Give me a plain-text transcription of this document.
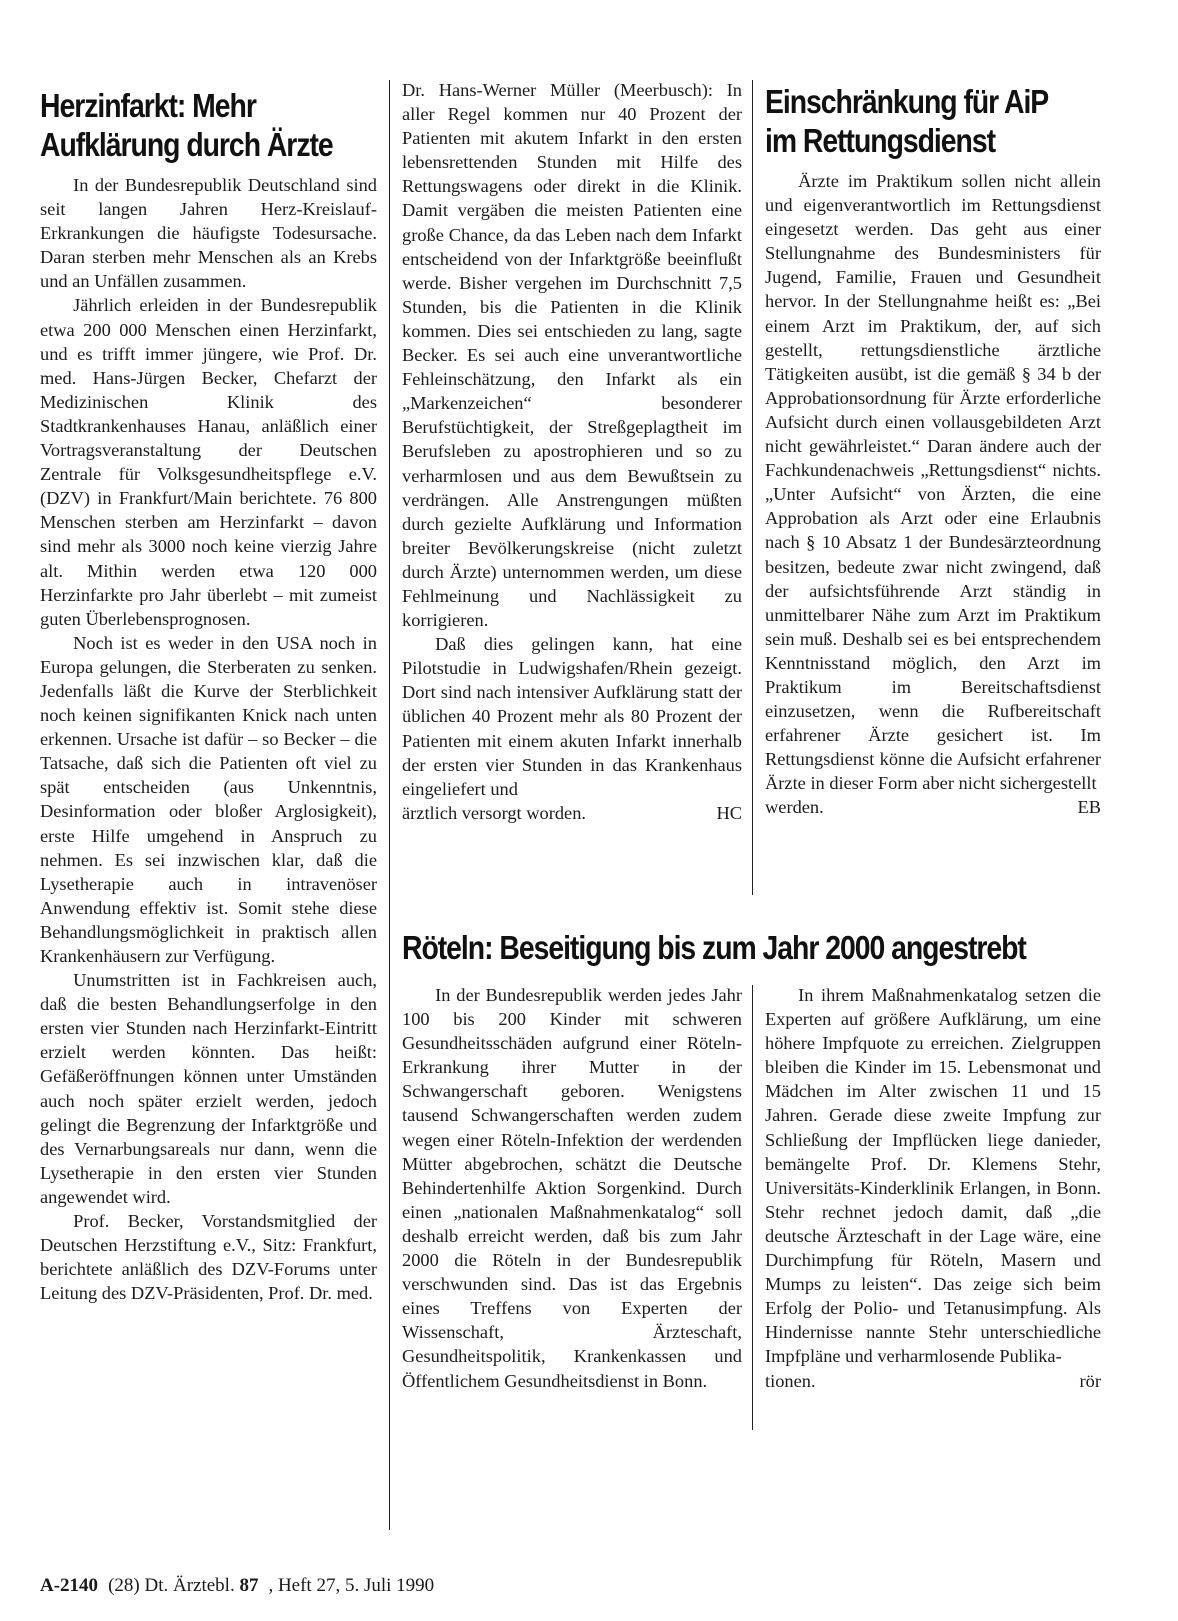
Herzinfarkt: Mehr
Aufklärung durch Ärzte

In der Bundesrepublik Deutschland sind seit langen Jahren Herz-Kreislauf-Erkrankungen die häufigste Todesursache. Daran sterben mehr Menschen als an Krebs und an Unfällen zusammen.

Jährlich erleiden in der Bundesrepublik etwa 200 000 Menschen einen Herzinfarkt, und es trifft immer jüngere, wie Prof. Dr. med. Hans-Jürgen Becker, Chefarzt der Medizinischen Klinik des Stadtkrankenhauses Hanau, anläßlich einer Vortragsveranstaltung der Deutschen Zentrale für Volksgesundheitspflege e.V. (DZV) in Frankfurt/Main berichtete. 76 800 Menschen sterben am Herzinfarkt – davon sind mehr als 3000 noch keine vierzig Jahre alt. Mithin werden etwa 120 000 Herzinfarkte pro Jahr überlebt – mit zumeist guten Überlebensprognosen.

Noch ist es weder in den USA noch in Europa gelungen, die Sterberaten zu senken. Jedenfalls läßt die Kurve der Sterblichkeit noch keinen signifikanten Knick nach unten erkennen. Ursache ist dafür – so Becker – die Tatsache, daß sich die Patienten oft viel zu spät entscheiden (aus Unkenntnis, Desinformation oder bloßer Arglosigkeit), erste Hilfe umgehend in Anspruch zu nehmen. Es sei inzwischen klar, daß die Lysetherapie auch in intravenöser Anwendung effektiv ist. Somit stehe diese Behandlungsmöglichkeit in praktisch allen Krankenhäusern zur Verfügung.

Unumstritten ist in Fachkreisen auch, daß die besten Behandlungserfolge in den ersten vier Stunden nach Herzinfarkt-Eintritt erzielt werden könnten. Das heißt: Gefäßeröffnungen können unter Umständen auch noch später erzielt werden, jedoch gelingt die Begrenzung der Infarktgröße und des Vernarbungsareals nur dann, wenn die Lysetherapie in den ersten vier Stunden angewendet wird.

Prof. Becker, Vorstandsmitglied der Deutschen Herzstiftung e.V., Sitz: Frankfurt, berichtete anläßlich des DZV-Forums unter Leitung des DZV-Präsidenten, Prof. Dr. med.

Dr. Hans-Werner Müller (Meerbusch): In aller Regel kommen nur 40 Prozent der Patienten mit akutem Infarkt in den ersten lebensrettenden Stunden mit Hilfe des Rettungswagens oder direkt in die Klinik. Damit vergäben die meisten Patienten eine große Chance, da das Leben nach dem Infarkt entscheidend von der Infarktgröße beeinflußt werde. Bisher vergehen im Durchschnitt 7,5 Stunden, bis die Patienten in die Klinik kommen. Dies sei entschieden zu lang, sagte Becker. Es sei auch eine unverantwortliche Fehleinschätzung, den Infarkt als ein „Markenzeichen“ besonderer Berufstüchtigkeit, der Streßgeplagtheit im Berufsleben zu apostrophieren und so zu verharmlosen und aus dem Bewußtsein zu verdrängen. Alle Anstrengungen müßten durch gezielte Aufklärung und Information breiter Bevölkerungskreise (nicht zuletzt durch Ärzte) unternommen werden, um diese Fehlmeinung und Nachlässigkeit zu korrigieren.

Daß dies gelingen kann, hat eine Pilotstudie in Ludwigshafen/Rhein gezeigt. Dort sind nach intensiver Aufklärung statt der üblichen 40 Prozent mehr als 80 Prozent der Patienten mit einem akuten Infarkt innerhalb der ersten vier Stunden in das Krankenhaus eingeliefert und

ärztlich versorgt worden.	HC

Einschränkung für AiP
im Rettungsdienst

Ärzte im Praktikum sollen nicht allein und eigenverantwortlich im Rettungsdienst eingesetzt werden. Das geht aus einer Stellungnahme des Bundesministers für Jugend, Familie, Frauen und Gesundheit hervor. In der Stellungnahme heißt es: „Bei einem Arzt im Praktikum, der, auf sich gestellt, rettungsdienstliche ärztliche Tätigkeiten ausübt, ist die gemäß § 34 b der Approbationsordnung für Ärzte erforderliche Aufsicht durch einen vollausgebildeten Arzt nicht gewährleistet.“ Daran ändere auch der Fachkundenachweis „Rettungsdienst“ nichts. „Unter Aufsicht“ von Ärzten, die eine Approbation als Arzt oder eine Erlaubnis nach § 10 Absatz 1 der Bundesärzteordnung besitzen, bedeute zwar nicht zwingend, daß der aufsichtsführende Arzt ständig in unmittelbarer Nähe zum Arzt im Praktikum sein muß. Deshalb sei es bei entsprechendem Kenntnisstand möglich, den Arzt im Praktikum im Bereitschaftsdienst einzusetzen, wenn die Rufbereitschaft erfahrener Ärzte gesichert ist. Im Rettungsdienst könne die Aufsicht erfahrener Ärzte in dieser Form aber nicht sichergestellt

werden.	EB

Röteln: Beseitigung bis zum Jahr 2000 angestrebt

In der Bundesrepublik werden jedes Jahr 100 bis 200 Kinder mit schweren Gesundheitsschäden aufgrund einer Röteln-Erkrankung ihrer Mutter in der Schwangerschaft geboren. Wenigstens tausend Schwangerschaften werden zudem wegen einer Röteln-Infektion der werdenden Mütter abgebrochen, schätzt die Deutsche Behindertenhilfe Aktion Sorgenkind. Durch einen „nationalen Maßnahmenkatalog“ soll deshalb erreicht werden, daß bis zum Jahr 2000 die Röteln in der Bundesrepublik verschwunden sind. Das ist das Ergebnis eines Treffens von Experten der Wissenschaft, Ärzteschaft, Gesundheitspolitik, Krankenkassen und Öffentlichem Gesundheitsdienst in Bonn.

In ihrem Maßnahmenkatalog setzen die Experten auf größere Aufklärung, um eine höhere Impfquote zu erreichen. Zielgruppen bleiben die Kinder im 15. Lebensmonat und Mädchen im Alter zwischen 11 und 15 Jahren. Gerade diese zweite Impfung zur Schließung der Impflücken liege danieder, bemängelte Prof. Dr. Klemens Stehr, Universitäts-Kinderklinik Erlangen, in Bonn. Stehr rechnet jedoch damit, daß „die deutsche Ärzteschaft in der Lage wäre, eine Durchimpfung für Röteln, Masern und Mumps zu leisten“. Das zeige sich beim Erfolg der Polio- und Tetanusimpfung. Als Hindernisse nannte Stehr unterschiedliche Impfpläne und verharmlosende Publika-

tionen.	rör

A-2140 (28) Dt. Ärztebl. 87 , Heft 27, 5. Juli 1990
